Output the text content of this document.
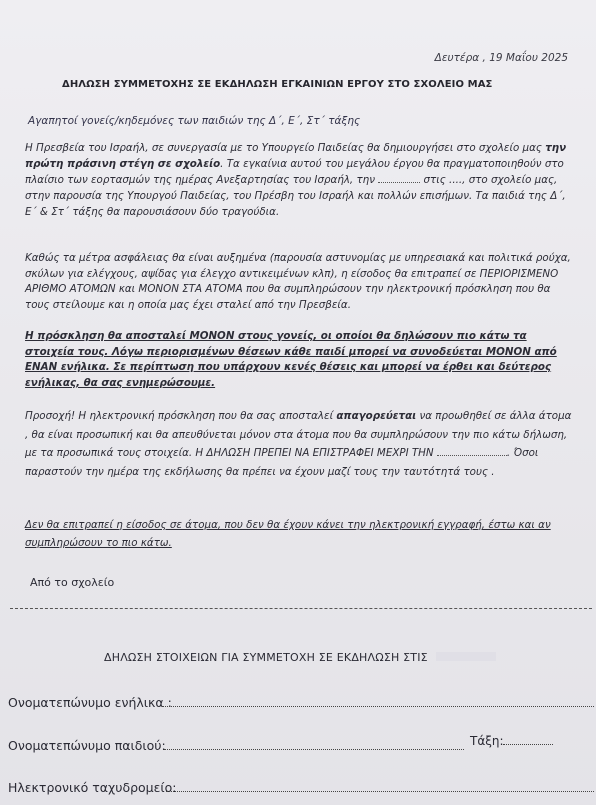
Δευτέρα , 19 Μαΐου 2025
ΔΗΛΩΣΗ ΣΥΜΜΕΤΟΧΗΣ ΣΕ ΕΚΔΗΛΩΣΗ ΕΓΚΑΙΝΙΩΝ ΕΡΓΟΥ ΣΤΟ ΣΧΟΛΕΙΟ ΜΑΣ
Αγαπητοί γονείς/κηδεμόνες των παιδιών της Δ΄, Ε΄, Στ΄ τάξης
Η Πρεσβεία του Ισραήλ, σε συνεργασία με το Υπουργείο Παιδείας θα δημιουργήσει στο σχολείο μας την πρώτη πράσινη στέγη σε σχολείο. Τα εγκαίνια αυτού του μεγάλου έργου θα πραγματοποιηθούν στο πλαίσιο των εορτασμών της ημέρας Ανεξαρτησίας του Ισραήλ, την	στις ...., στο σχολείο μας, στην παρουσία της Υπουργού Παιδείας, του Πρέσβη του Ισραήλ και πολλών επισήμων. Τα παιδιά της Δ΄, Ε΄ & Στ΄ τάξης θα παρουσιάσουν δύο τραγούδια.
Καθώς τα μέτρα ασφάλειας θα είναι αυξημένα (παρουσία αστυνομίας με υπηρεσιακά και πολιτικά ρούχα, σκύλων για ελέγχους, αψίδας για έλεγχο αντικειμένων κλπ), η είσοδος θα επιτραπεί σε ΠΕΡΙΟΡΙΣΜΕΝΟ ΑΡΙΘΜΟ ΑΤΟΜΩΝ και ΜΟΝΟΝ ΣΤΑ ΑΤΟΜΑ που θα συμπληρώσουν την ηλεκτρονική πρόσκληση που θα τους στείλουμε και η οποία μας έχει σταλεί από την Πρεσβεία.
Η πρόσκληση θα αποσταλεί ΜΟΝΟΝ στους γονείς, οι οποίοι θα δηλώσουν πιο κάτω τα στοιχεία τους. Λόγω περιορισμένων θέσεων κάθε παιδί μπορεί να συνοδεύεται ΜΟΝΟΝ από ΕΝΑΝ ενήλικα. Σε περίπτωση που υπάρχουν κενές θέσεις και μπορεί να έρθει και δεύτερος ενήλικας, θα σας ενημερώσουμε.
Προσοχή! Η ηλεκτρονική πρόσκληση που θα σας αποσταλεί απαγορεύεται να προωθηθεί σε άλλα άτομα , θα είναι προσωπική και θα απευθύνεται μόνον στα άτομα που θα συμπληρώσουν την πιο κάτω δήλωση, με τα προσωπικά τους στοιχεία. Η ΔΗΛΩΣΗ ΠΡΕΠΕΙ ΝΑ ΕΠΙΣΤΡΑΦΕΙ ΜΕΧΡΙ ΤΗΝ	. Όσοι παραστούν την ημέρα της εκδήλωσης θα πρέπει να έχουν μαζί τους την ταυτότητά τους .
Δεν θα επιτραπεί η είσοδος σε άτομα, που δεν θα έχουν κάνει την ηλεκτρονική εγγραφή, έστω και αν συμπληρώσουν το πιο κάτω.
Από το σχολείο
ΔΗΛΩΣΗ ΣΤΟΙΧΕΙΩΝ ΓΙΑ ΣΥΜΜΕΤΟΧΗ ΣΕ ΕΚΔΗΛΩΣΗ ΣΤΙΣ
Ονοματεπώνυμο ενήλικα :
Ονοματεπώνυμο παιδιού:	Τάξη:
Ηλεκτρονικό ταχυδρομείο:
